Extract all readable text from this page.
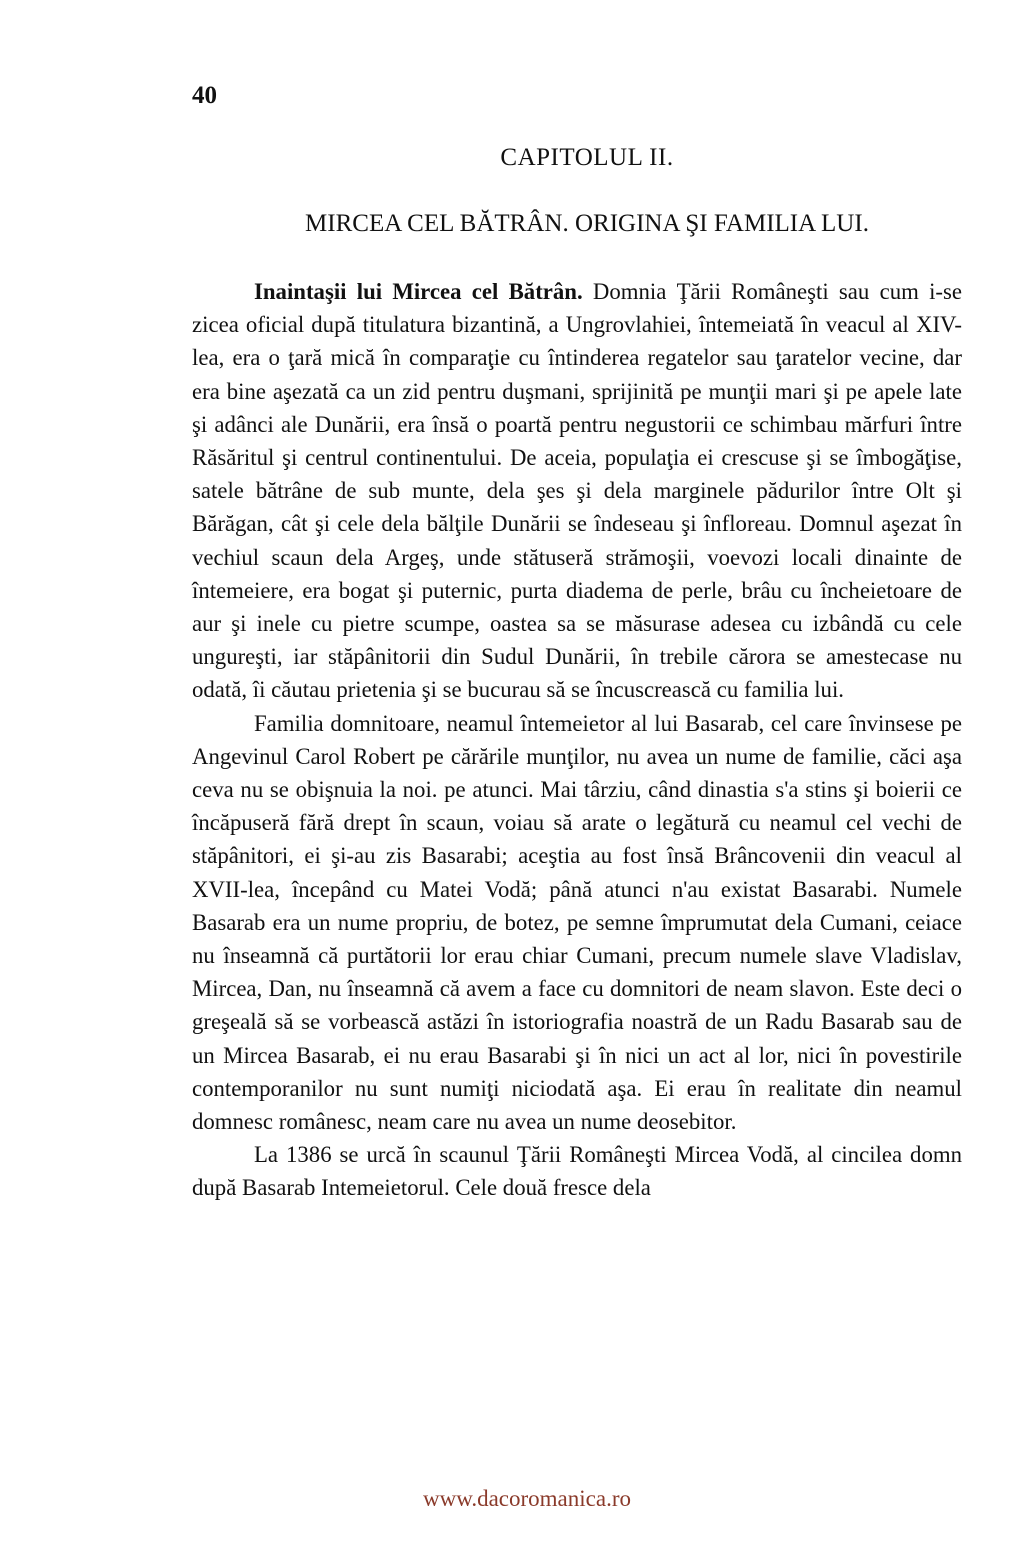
40
CAPITOLUL II.
MIRCEA CEL BĂTRÂN. ORIGINA ŞI FAMILIA LUI.

Inaintaşii lui Mircea cel Bătrân. Domnia Ţării Româneşti sau cum i-se zicea oficial după titulatura bizantină, a Ungrovlahiei, întemeiată în veacul al XIV-lea, era o ţară mică în comparaţie cu întinderea regatelor sau ţaratelor vecine, dar era bine aşezată ca un zid pentru duşmani, sprijinită pe munţii mari şi pe apele late şi adânci ale Dunării, era însă o poartă pentru negustorii ce schimbau mărfuri între Răsăritul şi centrul continentului. De aceia, populaţia ei crescuse şi se îmbogăţise, satele bătrâne de sub munte, dela şes şi dela marginele pădurilor între Olt şi Bărăgan, cât şi cele dela bălţile Dunării se îndeseau şi înfloreau. Domnul aşezat în vechiul scaun dela Argeş, unde stătuseră strămoşii, voevozi locali dinainte de întemeiere, era bogat şi puternic, purta diadema de perle, brâu cu încheietoare de aur şi inele cu pietre scumpe, oastea sa se măsurase adesea cu izbândă cu cele ungureşti, iar stăpânitorii din Sudul Dunării, în trebile cărora se amestecase nu odată, îi căutau prietenia şi se bucurau să se încuscrească cu familia lui.

Familia domnitoare, neamul întemeietor al lui Basarab, cel care învinsese pe Angevinul Carol Robert pe cărările munţilor, nu avea un nume de familie, căci aşa ceva nu se obişnuia la noi. pe atunci. Mai târziu, când dinastia s'a stins şi boierii ce încăpuseră fără drept în scaun, voiau să arate o legătură cu neamul cel vechi de stăpânitori, ei şi-au zis Basarabi; aceştia au fost însă Brâncovenii din veacul al XVII-lea, începând cu Matei Vodă; până atunci n'au existat Basarabi. Numele Basarab era un nume propriu, de botez, pe semne împrumutat dela Cumani, ceiace nu înseamnă că purtătorii lor erau chiar Cumani, precum numele slave Vladislav, Mircea, Dan, nu înseamnă că avem a face cu domnitori de neam slavon. Este deci o greşeală să se vorbească astăzi în istoriografia noastră de un Radu Basarab sau de un Mircea Basarab, ei nu erau Basarabi şi în nici un act al lor, nici în povestirile contemporanilor nu sunt numiţi niciodată aşa. Ei erau în realitate din neamul domnesc românesc, neam care nu avea un nume deosebitor.

La 1386 se urcă în scaunul Ţării Româneşti Mircea Vodă, al cincilea domn după Basarab Intemeietorul. Cele două fresce dela

www.dacoromanica.ro
